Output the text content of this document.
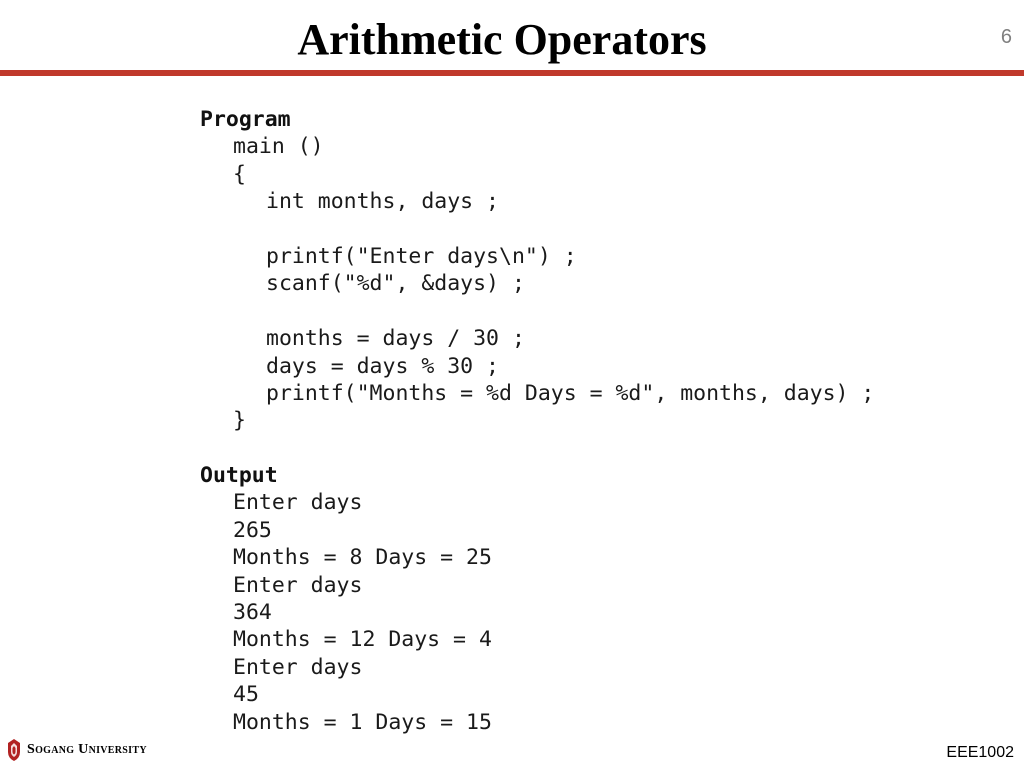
Arithmetic Operators	6
Program
main ()
{
int months, days ;
printf("Enter days\n") ;
scanf("%d", &days) ;
months = days / 30 ;
days = days % 30 ;
printf("Months = %d Days = %d", months, days) ;
}
Output
Enter days
265
Months = 8 Days = 25
Enter days
364
Months = 12 Days = 4
Enter days
45
Months = 1 Days = 15
Sogang University	EEE1002
